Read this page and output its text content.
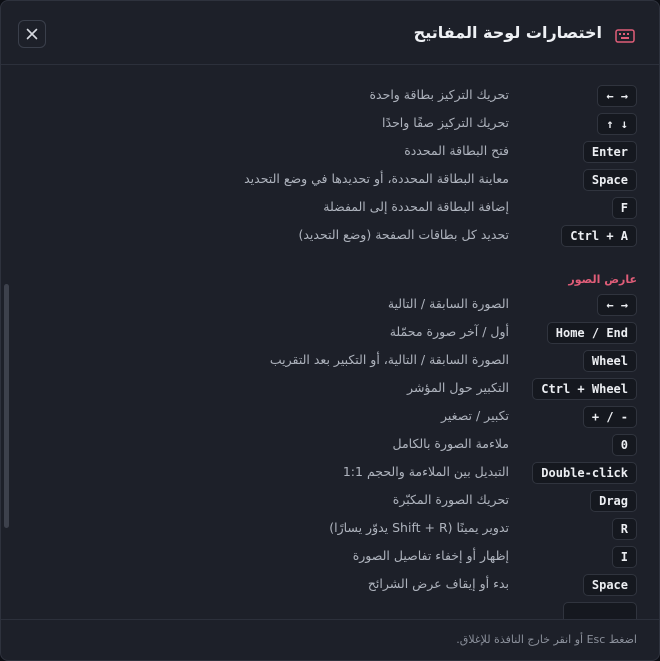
اختصارات لوحة المفاتيح
← →
تحريك التركيز بطاقة واحدة
↑ ↓
تحريك التركيز صفًا واحدًا
Enter
فتح البطاقة المحددة
Space
معاينة البطاقة المحددة، أو تحديدها في وضع التحديد
F
إضافة البطاقة المحددة إلى المفضلة
Ctrl + A
تحديد كل بطاقات الصفحة (وضع التحديد)
عارض الصور
← →
الصورة السابقة / التالية
Home / End
أول / آخر صورة محمّلة
Wheel
الصورة السابقة / التالية، أو التكبير بعد التقريب
Ctrl + Wheel
التكبير حول المؤشر
+ / -
تكبير / تصغير
0
ملاءمة الصورة بالكامل
Double-click
التبديل بين الملاءمة والحجم 1:1
Drag
تحريك الصورة المكبّرة
R
تدوير يمينًا (Shift + R يدوّر يسارًا)
I
إظهار أو إخفاء تفاصيل الصورة
Space
بدء أو إيقاف عرض الشرائح
اضغط Esc أو انقر خارج النافذة للإغلاق.
